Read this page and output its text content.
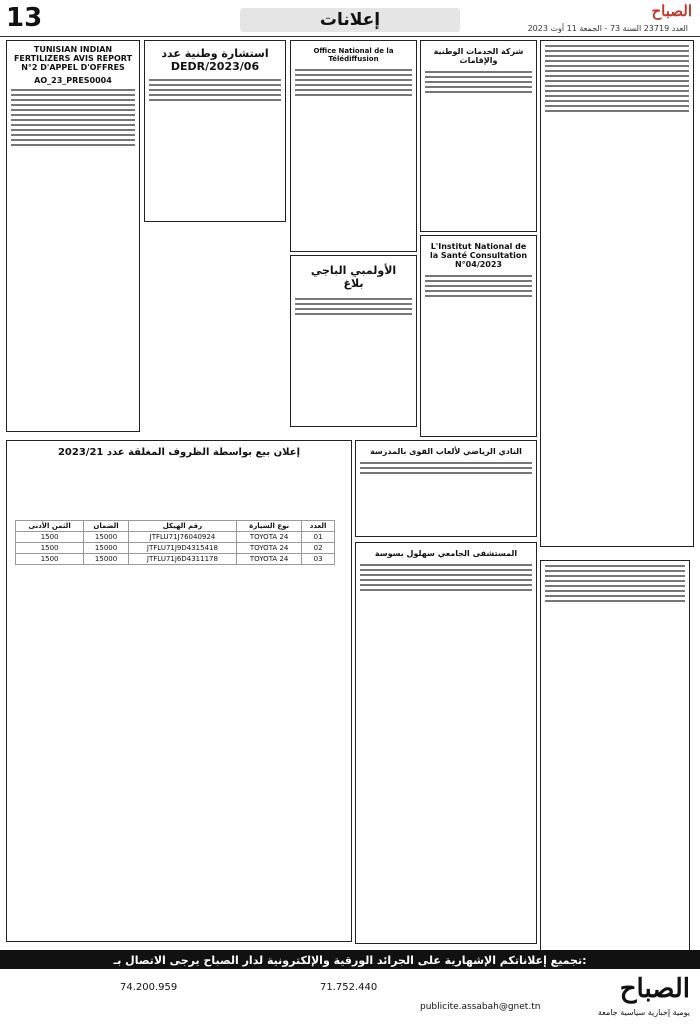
13	إعلانات	الصباح
العدد 23719 السنة 73 - الجمعة 11 أوت 2023
TUNISIAN INDIAN FERTILIZERS AVIS REPORT N°2 D'APPEL D'OFFRES
AO_23_PRES0004
استشارة وطنية عدد DEDR/2023/06
Office National de la Télédiffusion
الأولمبي الباجي بلاغ
شركة الخدمات الوطنية والإقامات
L'Institut National de la Santé Consultation N°04/2023
النادي الرياضي لألعاب القوى بالمدرسة
المستشفى الجامعي سهلول بسوسة
إعلان بيع بواسطة الظروف المغلقة عدد 2023/21
الثمن الأدنى	الضمان	رقم الهيكل	نوع السيارة	العدد
1500	15000	JTFLU71J76040924	TOYOTA 24	01
1500	15000	JTFLU71J9D4315418	TOYOTA 24	02
1500	15000	JTFLU71J6D4311178	TOYOTA 24	03
تجميع إعلاناتكم الإشهارية على الجرائد الورقية والإلكترونية لدار الصباح يرجى الاتصال بـ:
الصباح
يومية إخبارية سياسية جامعة
71.752.440
74.200.959
publicite.assabah@gnet.tn
